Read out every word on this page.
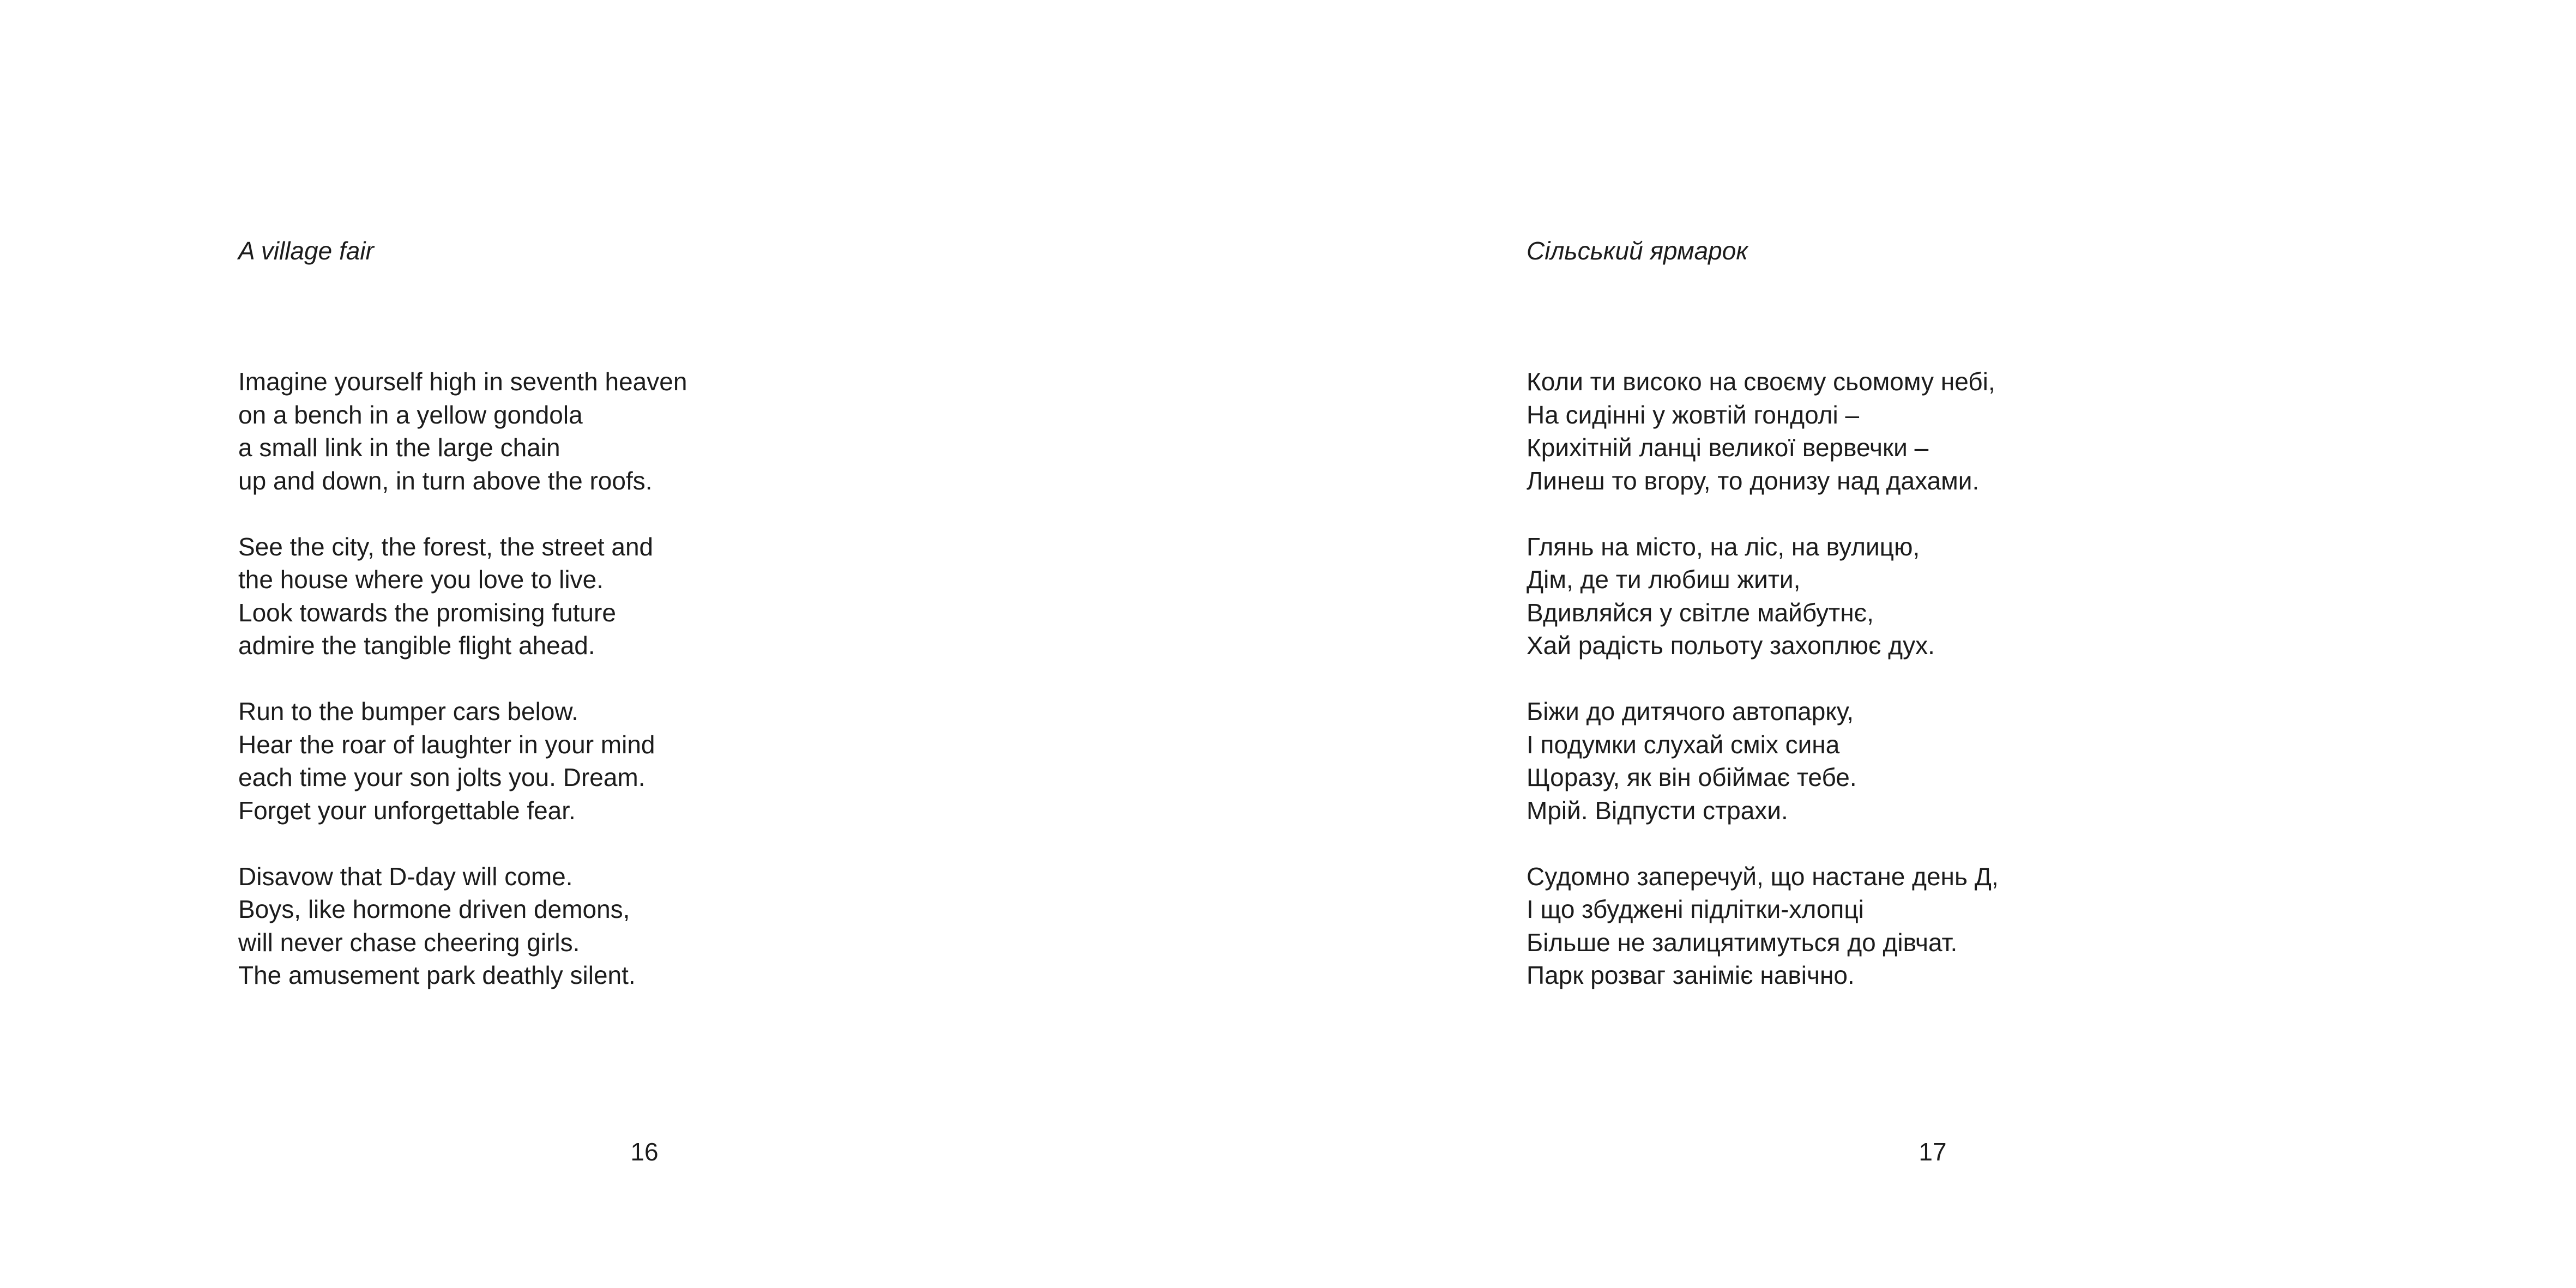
A village fair
Imagine yourself high in seventh heaven
on a bench in a yellow gondola
a small link in the large chain
up and down, in turn above the roofs.
See the city, the forest, the street and
the house where you love to live.
Look towards the promising future
admire the tangible flight ahead.
Run to the bumper cars below.
Hear the roar of laughter in your mind
each time your son jolts you. Dream.
Forget your unforgettable fear.
Disavow that D-day will come.
Boys, like hormone driven demons,
will never chase cheering girls.
The amusement park deathly silent.
16
Сільський ярмарок
Коли ти високо на своєму сьомому небі,
На сидінні у жовтій гондолі –
Крихітній ланці великої вервечки –
Линеш то вгору, то донизу над дахами.
Глянь на місто, на ліс, на вулицю,
Дім, де ти любиш жити,
Вдивляйся у світле майбутнє,
Хай радість польоту захоплює дух.
Біжи до дитячого автопарку,
І подумки слухай сміх сина
Щоразу, як він обіймає тебе.
Мрій. Відпусти страхи.
Судомно заперечуй, що настане день Д,
І що збуджені підлітки-хлопці
Більше не залицятимуться до дівчат.
Парк розваг заніміє навічно.
17
